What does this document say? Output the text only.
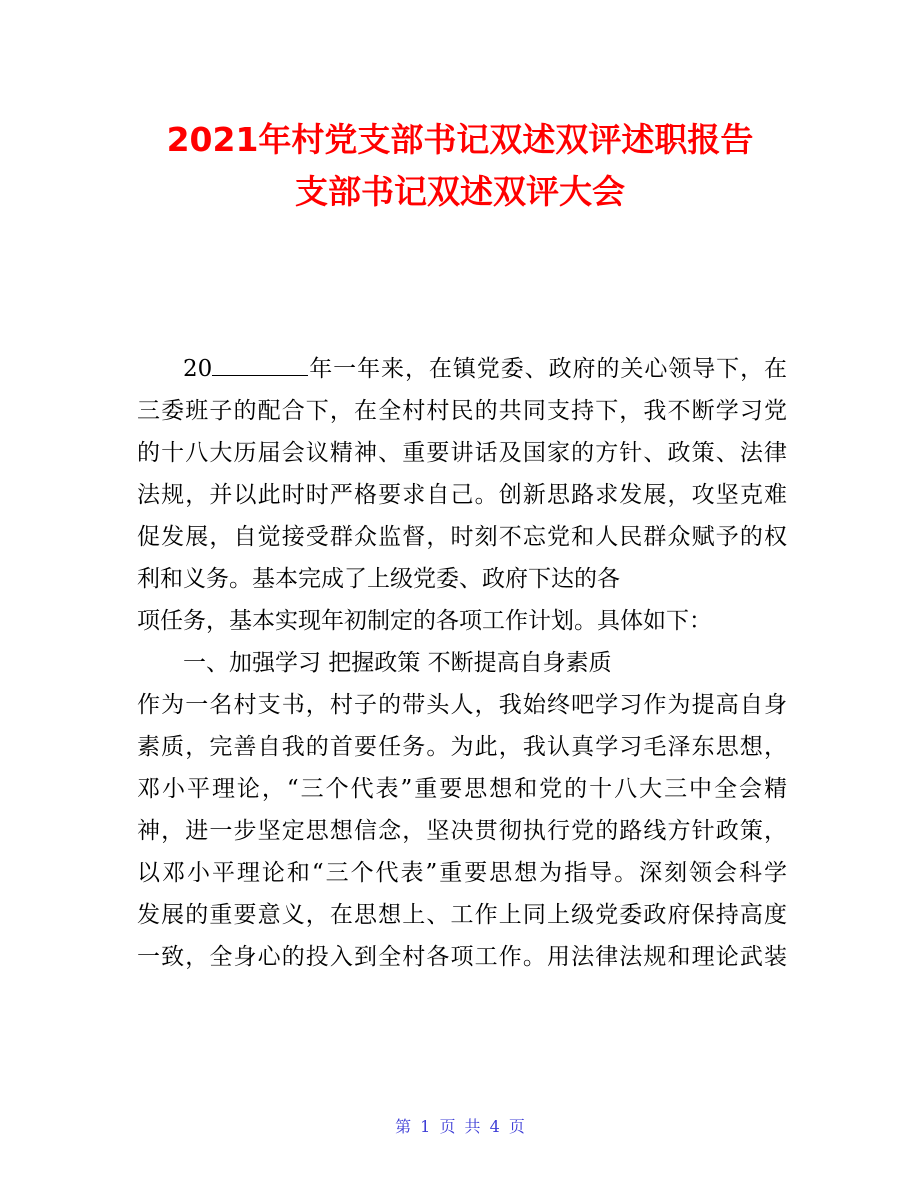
2021年村党支部书记双述双评述职报告
支部书记双述双评大会
20	年一年来，在镇党委、政府的关心领导下，在
三委班子的配合下，在全村村民的共同支持下，我不断学习党
的十八大历届会议精神、重要讲话及国家的方针、政策、法律
法规，并以此时时严格要求自己。创新思路求发展，攻坚克难
促发展，自觉接受群众监督，时刻不忘党和人民群众赋予的权
利和义务。基本完成了上级党委、政府下达的各
项任务，基本实现年初制定的各项工作计划。具体如下：
一、加强学习 把握政策 不断提高自身素质
作为一名村支书，村子的带头人，我始终吧学习作为提高自身
素质，完善自我的首要任务。为此，我认真学习毛泽东思想，
邓小平理论，“三个代表”重要思想和党的十八大三中全会精
神，进一步坚定思想信念，坚决贯彻执行党的路线方针政策，
以邓小平理论和“三个代表”重要思想为指导。深刻领会科学
发展的重要意义，在思想上、工作上同上级党委政府保持高度
一致，全身心的投入到全村各项工作。用法律法规和理论武装
第 1 页 共 4 页
